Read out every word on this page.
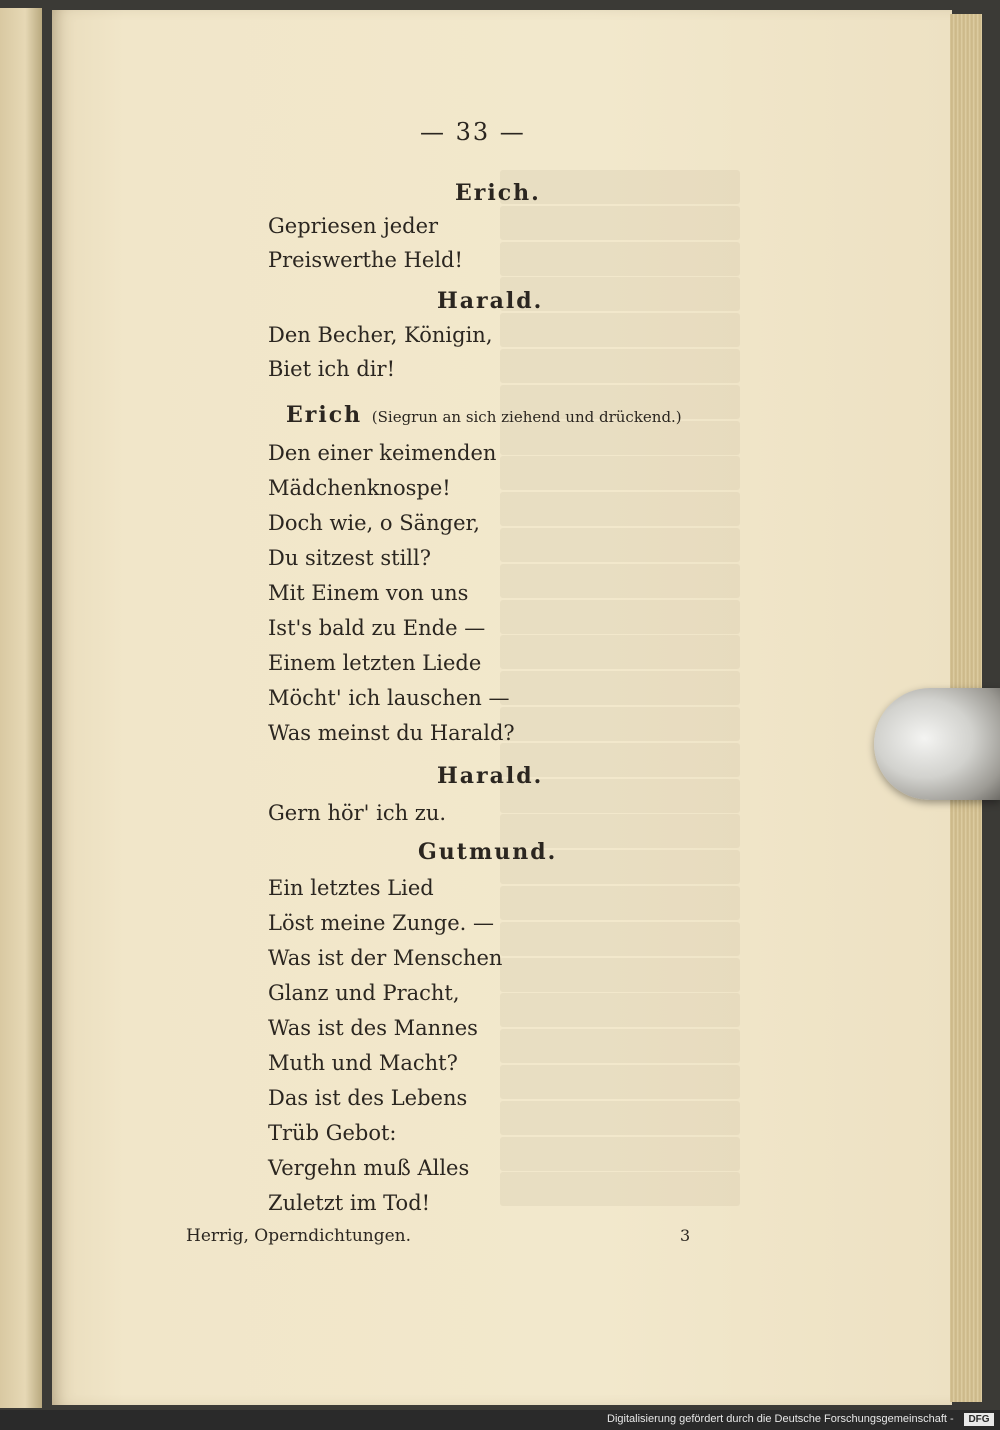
— 33 —
Erich.
Gepriesen jeder
Preiswerthe Held!
Harald.
Den Becher, Königin,
Biet ich dir!
Erich (Siegrun an sich ziehend und drückend.)
Den einer keimenden
Mädchenknospe!
Doch wie, o Sänger,
Du sitzest still?
Mit Einem von uns
Ist's bald zu Ende —
Einem letzten Liede
Möcht' ich lauschen —
Was meinst du Harald?
Harald.
Gern hör' ich zu.
Gutmund.
Ein letztes Lied
Löst meine Zunge. —
Was ist der Menschen
Glanz und Pracht,
Was ist des Mannes
Muth und Macht?
Das ist des Lebens
Trüb Gebot:
Vergehn muß Alles
Zuletzt im Tod!
Herrig, Operndichtungen.	3
Digitalisierung gefördert durch die Deutsche Forschungsgemeinschaft -	DFG
